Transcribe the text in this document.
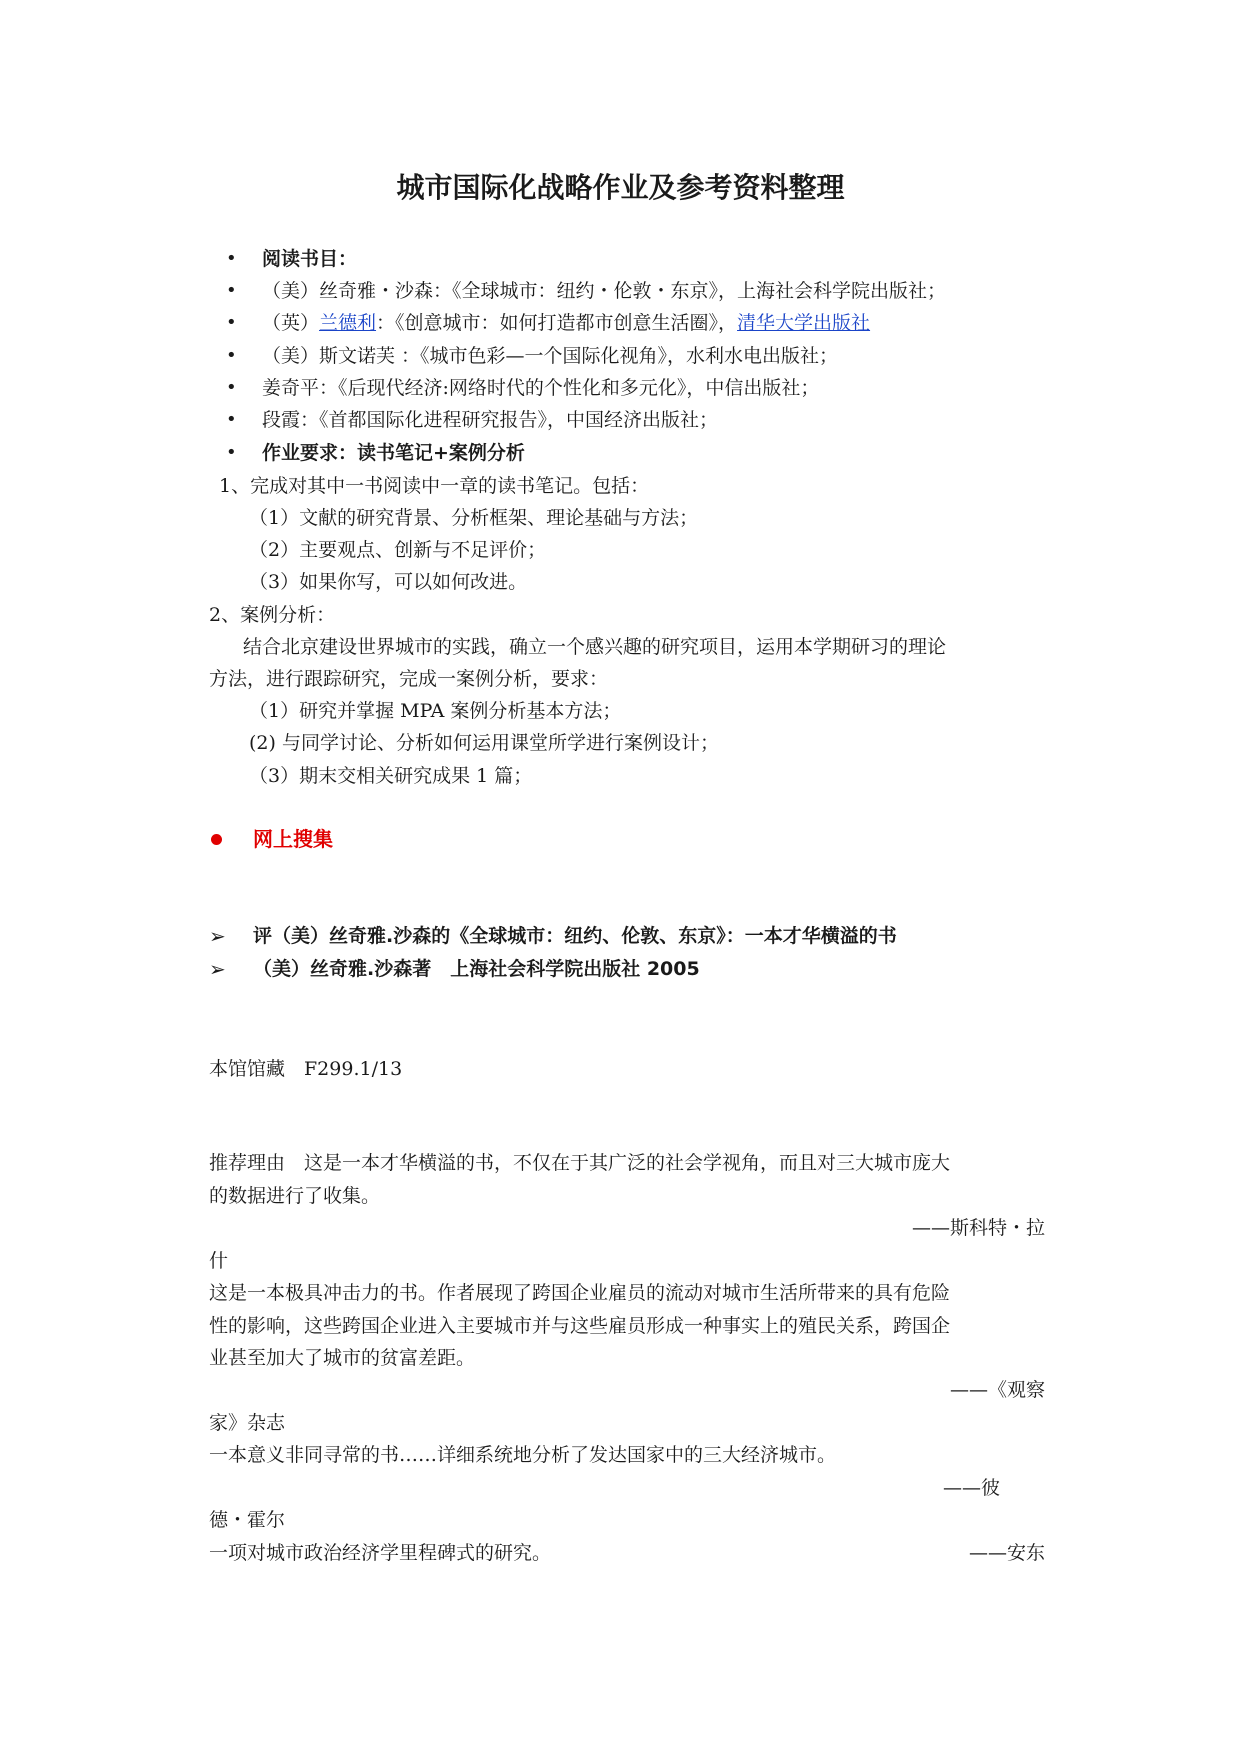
城市国际化战略作业及参考资料整理
• 阅读书目：
• （美）丝奇雅・沙森：《全球城市：纽约・伦敦・东京》，上海社会科学院出版社；
• （英）兰德利：《创意城市：如何打造都市创意生活圈》，清华大学出版社
• （美）斯文诺芙 ：《城市色彩—一个国际化视角》，水利水电出版社；
• 姜奇平：《后现代经济:网络时代的个性化和多元化》，中信出版社；
• 段霞：《首都国际化进程研究报告》，中国经济出版社；
• 作业要求：读书笔记+案例分析
1、完成对其中一书阅读中一章的读书笔记。包括：
（1）文献的研究背景、分析框架、理论基础与方法；
（2）主要观点、创新与不足评价；
（3）如果你写，可以如何改进。
2、案例分析：
结合北京建设世界城市的实践，确立一个感兴趣的研究项目，运用本学期研习的理论
方法，进行跟踪研究，完成一案例分析，要求：
（1）研究并掌握 MPA 案例分析基本方法；
(2) 与同学讨论、分析如何运用课堂所学进行案例设计；
（3）期末交相关研究成果 1 篇；
网上搜集
➢ 评（美）丝奇雅.沙森的《全球城市：纽约、伦敦、东京》：一本才华横溢的书
➢ （美）丝奇雅.沙森著　上海社会科学院出版社 2005
本馆馆藏　F299.1/13
推荐理由　这是一本才华横溢的书，不仅在于其广泛的社会学视角，而且对三大城市庞大
的数据进行了收集。
——斯科特・拉
什
这是一本极具冲击力的书。作者展现了跨国企业雇员的流动对城市生活所带来的具有危险
性的影响，这些跨国企业进入主要城市并与这些雇员形成一种事实上的殖民关系，跨国企
业甚至加大了城市的贫富差距。
——《观察
家》杂志
一本意义非同寻常的书……详细系统地分析了发达国家中的三大经济城市。
——彼
德・霍尔
一项对城市政治经济学里程碑式的研究。	——安东
